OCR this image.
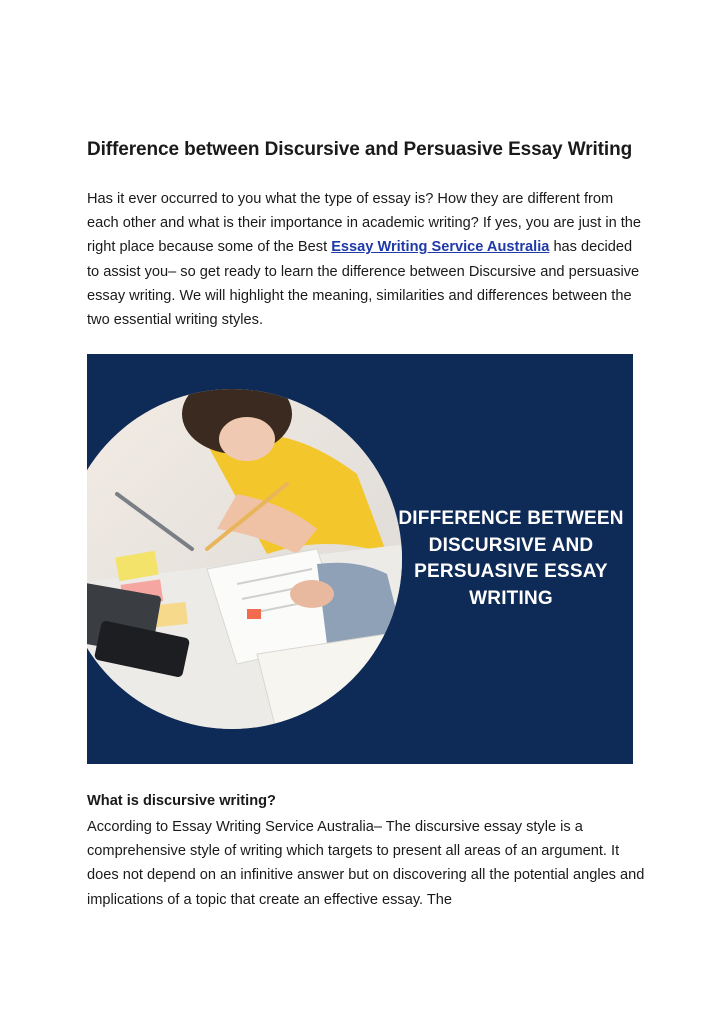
Difference between Discursive and Persuasive Essay Writing

Has it ever occurred to you what the type of essay is? How they are different from each other and what is their importance in academic writing? If yes, you are just in the right place because some of the Best Essay Writing Service Australia has decided to assist you– so get ready to learn the difference between Discursive and persuasive essay writing. We will highlight the meaning, similarities and differences between the two essential writing styles.

DIFFERENCE BETWEEN
DISCURSIVE AND
PERSUASIVE ESSAY
WRITING
What is discursive writing?

According to Essay Writing Service Australia– The discursive essay style is a comprehensive style of writing which targets to present all areas of an argument. It does not depend on an infinitive answer but on discovering all the potential angles and implications of a topic that create an effective essay. The
